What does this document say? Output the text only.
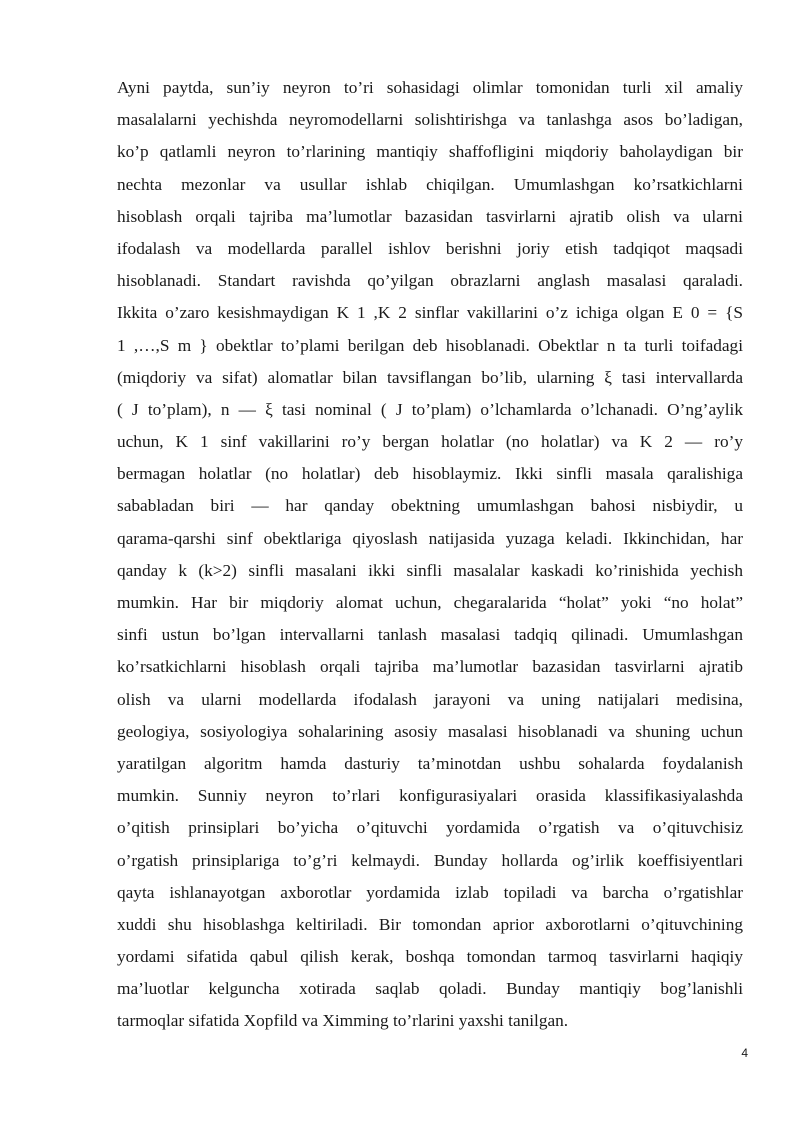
Ayni paytda, sun’iy neyron to’ri sohasidagi olimlar tomonidan turli xil amaliy
masalalarni yechishda neyromodellarni solishtirishga va tanlashga asos bo’ladigan,
ko’p qatlamli neyron to’rlarining mantiqiy shaffofligini miqdoriy baholaydigan bir
nechta mezonlar va usullar ishlab chiqilgan. Umumlashgan ko’rsatkichlarni
hisoblash orqali tajriba ma’lumotlar bazasidan tasvirlarni ajratib olish va ularni
ifodalash va modellarda parallel ishlov berishni joriy etish tadqiqot maqsadi
hisoblanadi. Standart ravishda qo’yilgan obrazlarni anglash masalasi qaraladi.
Ikkita o’zaro kesishmaydigan K 1 ,K 2 sinflar vakillarini o’z ichiga olgan E 0 = {S
1 ,…,S m } obektlar to’plami berilgan deb hisoblanadi. Obektlar n ta turli toifadagi
(miqdoriy va sifat) alomatlar bilan tavsiflangan bo’lib, ularning ξ tasi intervallarda
( J to’plam), n — ξ tasi nominal ( J to’plam) o’lchamlarda o’lchanadi. O’ng’aylik
uchun, K 1 sinf vakillarini ro’y bergan holatlar (no holatlar) va K 2 — ro’y
bermagan holatlar (no holatlar) deb hisoblaymiz. Ikki sinfli masala qaralishiga
sababladan biri — har qanday obektning umumlashgan bahosi nisbiydir, u
qarama-qarshi sinf obektlariga qiyoslash natijasida yuzaga keladi. Ikkinchidan, har
qanday k (k>2) sinfli masalani ikki sinfli masalalar kaskadi ko’rinishida yechish
mumkin. Har bir miqdoriy alomat uchun, chegaralarida “holat” yoki “no holat”
sinfi ustun bo’lgan intervallarni tanlash masalasi tadqiq qilinadi. Umumlashgan
ko’rsatkichlarni hisoblash orqali tajriba ma’lumotlar bazasidan tasvirlarni ajratib
olish va ularni modellarda ifodalash jarayoni va uning natijalari medisina,
geologiya, sosiyologiya sohalarining asosiy masalasi hisoblanadi va shuning uchun
yaratilgan algoritm hamda dasturiy ta’minotdan ushbu sohalarda foydalanish
mumkin. Sunniy neyron to’rlari konfigurasiyalari orasida klassifikasiyalashda
o’qitish prinsiplari bo’yicha o’qituvchi yordamida o’rgatish va o’qituvchisiz
o’rgatish prinsiplariga to’g’ri kelmaydi. Bunday hollarda og’irlik koeffisiyentlari
qayta ishlanayotgan axborotlar yordamida izlab topiladi va barcha o’rgatishlar
xuddi shu hisoblashga keltiriladi. Bir tomondan aprior axborotlarni o’qituvchining
yordami sifatida qabul qilish kerak, boshqa tomondan tarmoq tasvirlarni haqiqiy
ma’luotlar kelguncha xotirada saqlab qoladi. Bunday mantiqiy bog’lanishli
tarmoqlar sifatida Xopfild va Ximming to’rlarini yaxshi tanilgan.
4
